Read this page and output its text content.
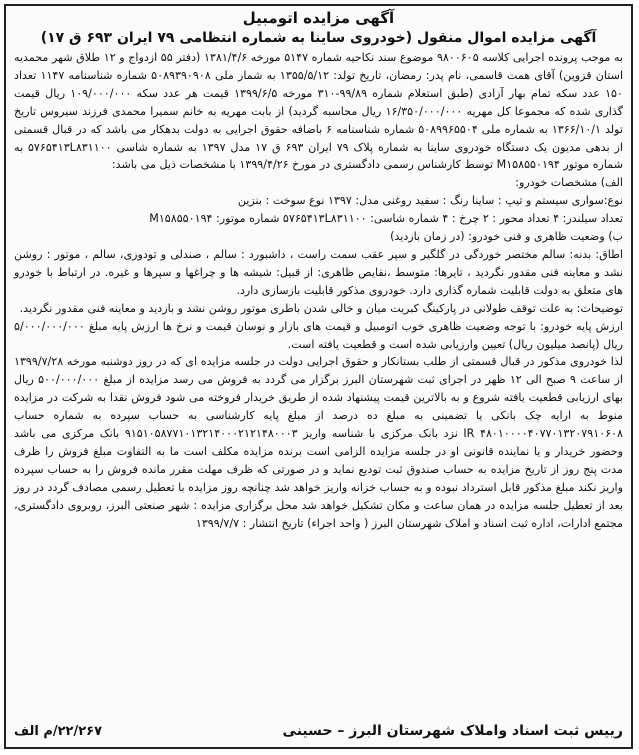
آگهی مزایده اتومبیل
آگهی مزایده اموال منقول (خودروی ساینا به شماره انتظامی ۷۹ ایران ۶۹۳ ق ۱۷)

به موجب پرونده اجرایی کلاسه ۹۸۰۰۶۰۵ موضوع سند نکاحیه شماره ۵۱۴۷ مورخه ۱۳۸۱/۴/۶ (دفتر ۵۵ ازدواج و ۱۲ طلاق شهر محمدیه استان قزوین) آقای همت قاسمی، نام پدر: رمضان، تاریخ تولد: ۱۳۵۵/۵/۱۲ به شمار ملی ۵۰۸۹۳۹۰۹۰۸ شماره شناسنامه ۱۱۴۷ تعداد ۱۵۰ عدد سکه تمام بهار آزادی (طبق استعلام شماره ۹۹/۸۹-۳۱۰ مورخه ۱۳۹۹/۶/۵ قیمت هر عدد سکه ۱۰۹/۰۰۰/۰۰۰ ریال قیمت گذاری شده که مجموعا کل مهریه ۱۶/۳۵۰/۰۰۰/۰۰۰ ریال محاسبه گردید) از بابت مهریه به خانم سمیرا محمدی فرزند سیروس تاریخ تولد ۱۳۶۶/۱۰/۱ به شماره ملی ۵۰۸۹۹۶۵۵۰۴ شماره شناسنامه ۶ باضافه حقوق اجرایی به دولت بدهکار می باشد که در قبال قسمتی از بدهی مدیون یک دستگاه خودروی ساینا به شماره پلاک ۷۹ ایران ۶۹۳ ق ۱۷ مدل ۱۳۹۷ به شماره شاسی ۵۷۶۵۴۱۳L۸۳۱۱۰۰ به شماره موتور M۱۵۸۵۵۰۱۹۴ توسط کارشناس رسمی دادگستری در مورخ ۱۳۹۹/۴/۲۶ با مشخصات ذیل می باشد:

الف) مشخصات خودرو:

نوع:سواری سیستم و تیپ : ساینا رنگ : سفید روغنی مدل: ۱۳۹۷ نوع سوخت : بنزین

تعداد سیلندر: ۴ تعداد محور : ۲ چرخ : ۴ شماره شاسی: ۵۷۶۵۴۱۳L۸۳۱۱۰۰ شماره موتور: M۱۵۸۵۵۰۱۹۴

ب) وضعیت ظاهری و فنی خودرو: (در زمان بازدید)

اطاق: بدنه: سالم مختصر خوردگی در گلگیر و سپر عقب سمت راست ، داشبورد : سالم ، صندلی و تودوزی، سالم ، موتور : روشن نشد و معاینه فنی مقدور نگردید ، تایرها: متوسط ،نقایص ظاهری: از قبیل: شیشه ها و چراغها و سپرها و غیره. در ارتباط با خودرو های متعلق به دولت قابلیت شماره گذاری دارد. خودروی مذکور قابلیت بازسازی دارد.

توضیحات: به علت توقف طولانی در پارکینگ کبریت میان و خالی شدن باطری موتور روشن نشد و بازدید و معاینه فنی مقدور نگردید.

ارزش پایه خودرو: با توجه وضعیت ظاهری خوب اتومبیل و قیمت های بازار و نوسان قیمت و نرخ ها ارزش پایه مبلغ ۵/۰۰۰/۰۰۰/۰۰۰ ریال (پانصد میلیون ریال) تعیین وارزیابی شده است و قطعیت یافته است.

لذا خودروی مذکور در قبال قسمتی از طلب بستانکار و حقوق اجرایی دولت در جلسه مزایده ای که در روز دوشنبه مورخه ۱۳۹۹/۷/۲۸ از ساعت ۹ صبح الی ۱۲ ظهر در اجرای ثبت شهرستان البرز برگزار می گردد به فروش می رسد مزایده از مبلغ ۵۰۰/۰۰۰/۰۰۰ ریال بهای ارزیابی قطعیت یافته شروع و به بالاترین قیمت پیشنهاد شده از طریق خریدار فروخته می شود فروش نقدا به شرکت در مزایده منوط به ارایه چک بانکی یا تضمینی به مبلغ ده درصد از مبلغ پایه کارشناسی به حساب سپرده به شماره حساب ۴۸۰۱۰۰۰۰۴۰۷۷۰۱۳۲۰۷۹۱۰۶۰۸ IR نزد بانک مرکزی با شناسه واریز ۹۱۵۱۰۵۸۷۷۱۰۱۳۲۱۴۰۰۰۲۱۲۱۴۸۰۰۰۳ بانک مرکزی می باشد وحضور خریدار و یا نماینده قانونی او در جلسه مزایده الزامی است برنده مزایده مکلف است ما به التفاوت مبلغ فروش را ظرف مدت پنج روز از تاریخ مزایده به حساب صندوق ثبت تودیع نماید و در صورتی که ظرف مهلت مقرر مانده فروش را به حساب سپرده واریز نکند مبلغ مذکور قابل استرداد نبوده و به حساب خزانه واریز خواهد شد چنانچه روز مزایده با تعطیل رسمی مصادف گردد در روز بعد از تعطیل جلسه مزایده در همان ساعت و مکان تشکیل خواهد شد محل برگزاری مزایده : شهر صنعتی البرز، روبروی دادگستری، مجتمع ادارات، اداره ثبت اسناد و املاک شهرستان البرز ( واحد اجراء) تاریخ انتشار : ۱۳۹۹/۷/۷

رییس ثبت اسناد واملاک شهرستان البرز – حسینی
۲۲/۲۶۷/م الف
